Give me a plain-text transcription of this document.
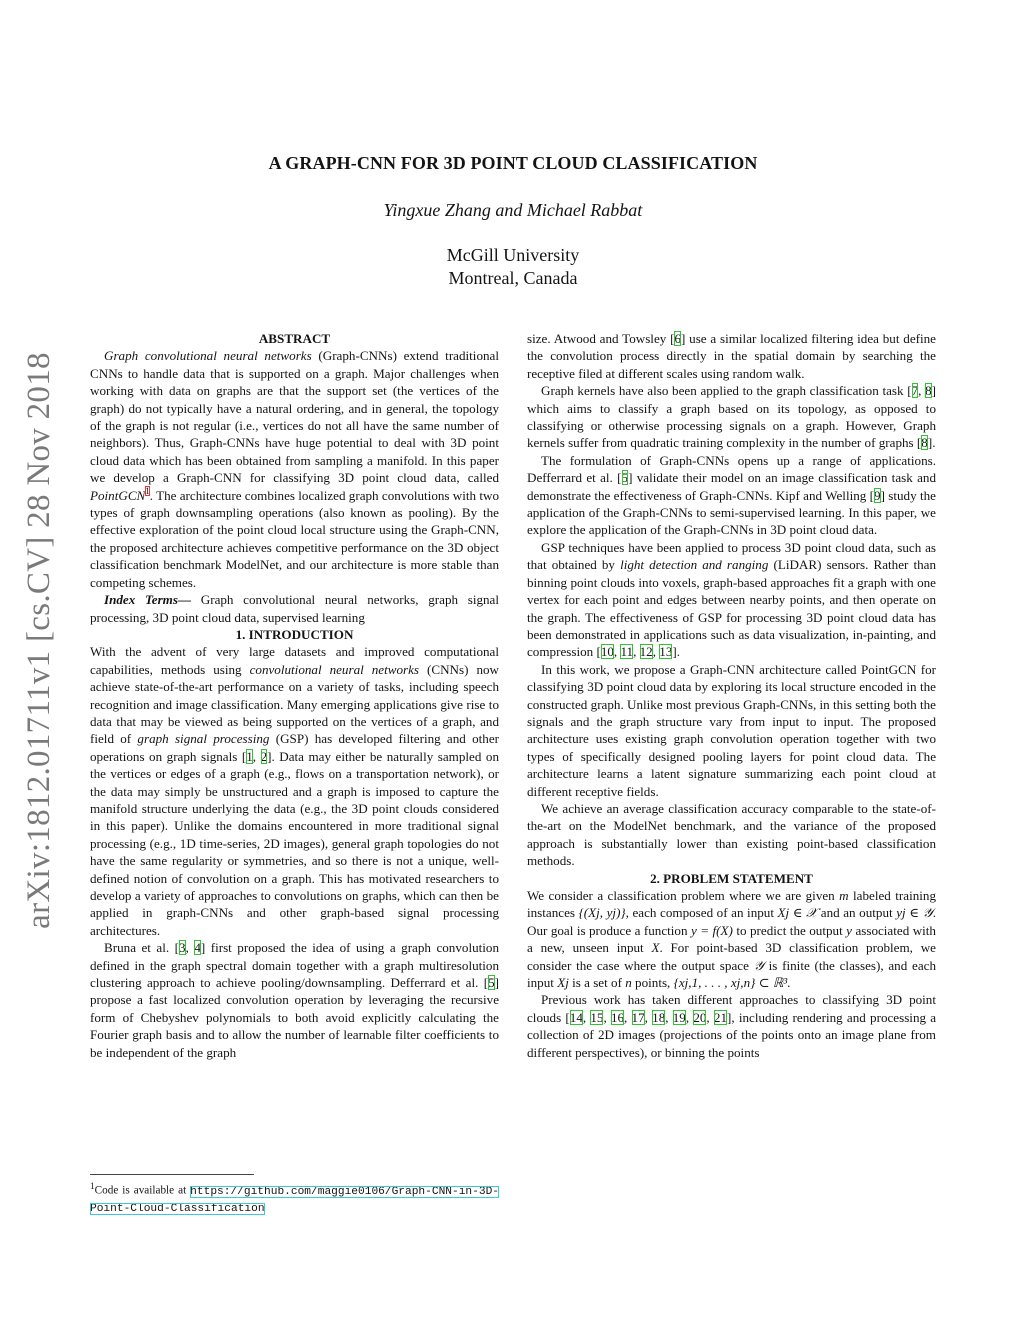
arXiv:1812.01711v1 [cs.CV] 28 Nov 2018
A GRAPH-CNN FOR 3D POINT CLOUD CLASSIFICATION
Yingxue Zhang and Michael Rabbat
McGill University
Montreal, Canada

ABSTRACT

Graph convolutional neural networks (Graph-CNNs) extend traditional CNNs to handle data that is supported on a graph. Major challenges when working with data on graphs are that the support set (the vertices of the graph) do not typically have a natural ordering, and in general, the topology of the graph is not regular (i.e., vertices do not all have the same number of neighbors). Thus, Graph-CNNs have huge potential to deal with 3D point cloud data which has been obtained from sampling a manifold. In this paper we develop a Graph-CNN for classifying 3D point cloud data, called PointGCN$^1$. The architecture combines localized graph convolutions with two types of graph downsampling operations (also known as pooling). By the effective exploration of the point cloud local structure using the Graph-CNN, the proposed architecture achieves competitive performance on the 3D object classification benchmark ModelNet, and our architecture is more stable than competing schemes.

Index Terms— Graph convolutional neural networks, graph signal processing, 3D point cloud data, supervised learning

1. INTRODUCTION

With the advent of very large datasets and improved computational capabilities, methods using convolutional neural networks (CNNs) now achieve state-of-the-art performance on a variety of tasks, including speech recognition and image classification. Many emerging applications give rise to data that may be viewed as being supported on the vertices of a graph, and field of graph signal processing (GSP) has developed filtering and other operations on graph signals [1, 2]. Data may either be naturally sampled on the vertices or edges of a graph (e.g., flows on a transportation network), or the data may simply be unstructured and a graph is imposed to capture the manifold structure underlying the data (e.g., the 3D point clouds considered in this paper). Unlike the domains encountered in more traditional signal processing (e.g., 1D time-series, 2D images), general graph topologies do not have the same regularity or symmetries, and so there is not a unique, well-defined notion of convolution on a graph. This has motivated researchers to develop a variety of approaches to convolutions on graphs, which can then be applied in graph-CNNs and other graph-based signal processing architectures.

Bruna et al. [3, 4] first proposed the idea of using a graph convolution defined in the graph spectral domain together with a graph multiresolution clustering approach to achieve pooling/downsampling. Defferrard et al. [5] propose a fast localized convolution operation by leveraging the recursive form of Chebyshev polynomials to both avoid explicitly calculating the Fourier graph basis and to allow the number of learnable filter coefficients to be independent of the graph

$^1$Code is available at https://github.com/maggie0106/Graph-CNN-in-3D-Point-Cloud-Classification

size. Atwood and Towsley [6] use a similar localized filtering idea but define the convolution process directly in the spatial domain by searching the receptive filed at different scales using random walk.

Graph kernels have also been applied to the graph classification task [7, 8] which aims to classify a graph based on its topology, as opposed to classifying or otherwise processing signals on a graph. However, Graph kernels suffer from quadratic training complexity in the number of graphs [8].

The formulation of Graph-CNNs opens up a range of applications. Defferrard et al. [5] validate their model on an image classification task and demonstrate the effectiveness of Graph-CNNs. Kipf and Welling [9] study the application of the Graph-CNNs to semi-supervised learning. In this paper, we explore the application of the Graph-CNNs in 3D point cloud data.

GSP techniques have been applied to process 3D point cloud data, such as that obtained by light detection and ranging (LiDAR) sensors. Rather than binning point clouds into voxels, graph-based approaches fit a graph with one vertex for each point and edges between nearby points, and then operate on the graph. The effectiveness of GSP for processing 3D point cloud data has been demonstrated in applications such as data visualization, in-painting, and compression [10, 11, 12, 13].

In this work, we propose a Graph-CNN architecture called PointGCN for classifying 3D point cloud data by exploring its local structure encoded in the constructed graph. Unlike most previous Graph-CNNs, in this setting both the signals and the graph structure vary from input to input. The proposed architecture uses existing graph convolution operation together with two types of specifically designed pooling layers for point cloud data. The architecture learns a latent signature summarizing each point cloud at different receptive fields.

We achieve an average classification accuracy comparable to the state-of-the-art on the ModelNet benchmark, and the variance of the proposed approach is substantially lower than existing point-based classification methods.

2. PROBLEM STATEMENT

We consider a classification problem where we are given m labeled training instances {(Xj, yj)}, each composed of an input Xj ∈ 𝒳 and an output yj ∈ 𝒴. Our goal is produce a function y = f(X) to predict the output y associated with a new, unseen input X. For point-based 3D classification problem, we consider the case where the output space 𝒴 is finite (the classes), and each input Xj is a set of n points, {xj,1, . . . , xj,n} ⊂ ℝ³.

Previous work has taken different approaches to classifying 3D point clouds [14, 15, 16, 17, 18, 19, 20, 21], including rendering and processing a collection of 2D images (projections of the points onto an image plane from different perspectives), or binning the points
